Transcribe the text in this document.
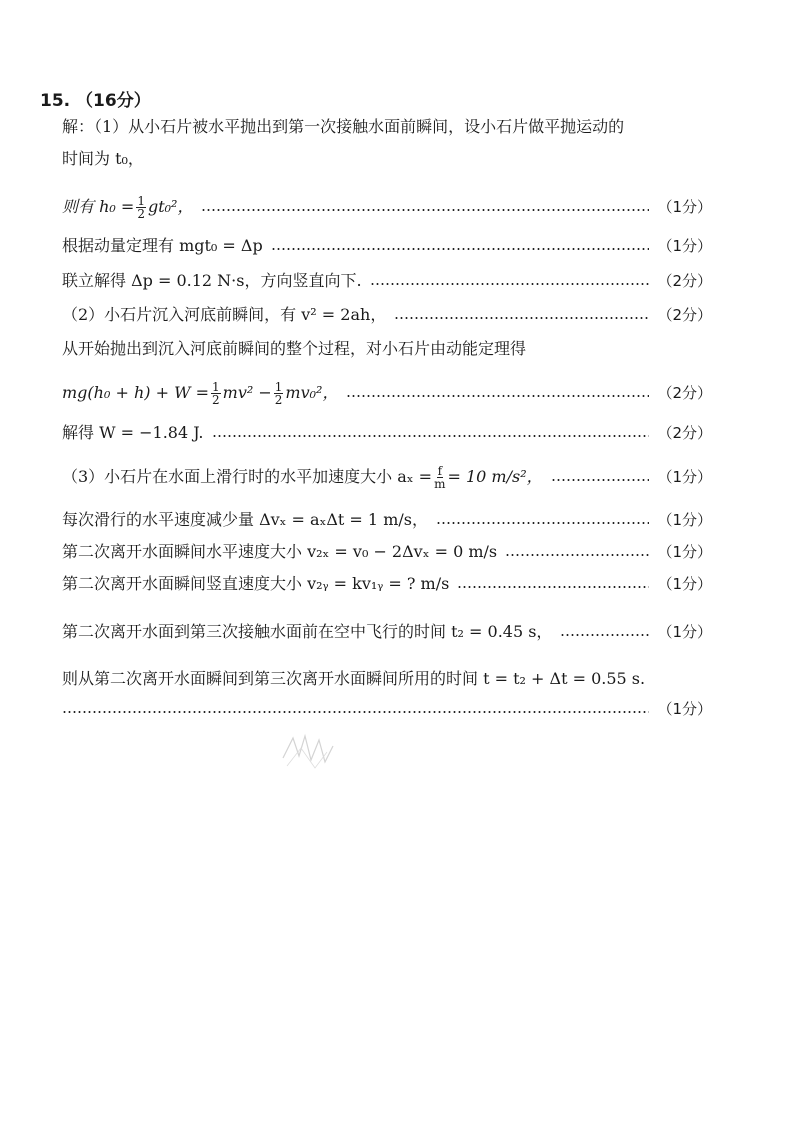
15. （16分）
解：（1）从小石片被水平抛出到第一次接触水面前瞬间，设小石片做平抛运动的
时间为 t₀，
则有 $h_0 = \frac{1}{2} gt_0^2$，	（1分）
根据动量定理有 mgt₀ = Δp	（1分）
联立解得 Δp = 0.12 N·s，方向竖直向下.	（2分）
（2）小石片沉入河底前瞬间，有 v² = 2ah，	（2分）
从开始抛出到沉入河底前瞬间的整个过程，对小石片由动能定理得
$mg(h_0 + h) + W = \frac{1}{2} mv^2 - \frac{1}{2} mv_0^2$，	（2分）
解得 W = −1.84 J.	（2分）
（3）小石片在水面上滑行时的水平加速度大小 $a_x = \frac{f}{m} = 10$ m/s²，	（1分）
每次滑行的水平速度减少量 Δvₓ = aₓΔt = 1 m/s，	（1分）
第二次离开水面瞬间水平速度大小 v₂ₓ = v₀ − 2Δvₓ = 0 m/s	（1分）
第二次离开水面瞬间竖直速度大小 v₂ᵧ = kv₁ᵧ = ? m/s	（1分）
第二次离开水面到第三次接触水面前在空中飞行的时间 t₂ = 0.45 s，	（1分）
则从第二次离开水面瞬间到第三次离开水面瞬间所用的时间 t = t₂ + Δt = 0.55 s.
（1分）
